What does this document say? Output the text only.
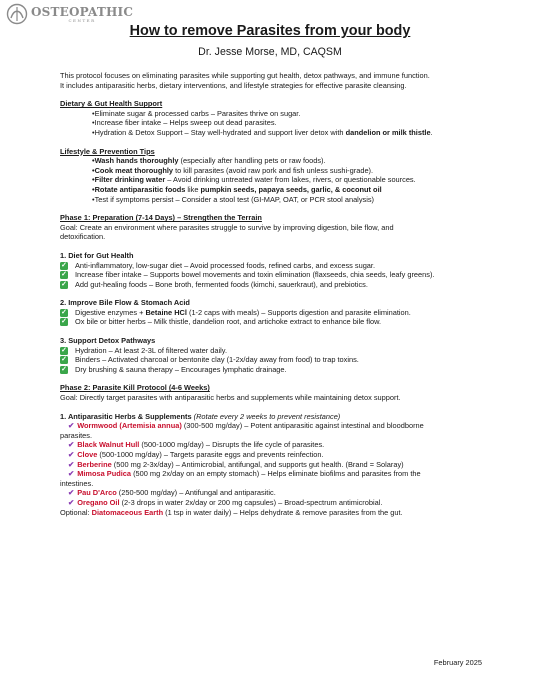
OSTEOPATHIC
CENTER
How to remove Parasites from your body
Dr. Jesse Morse, MD, CAQSM

This protocol focuses on eliminating parasites while supporting gut health, detox pathways, and immune function.

It includes antiparasitic herbs, dietary interventions, and lifestyle strategies for effective parasite cleansing.

Dietary & Gut Health Support

•Eliminate sugar & processed carbs – Parasites thrive on sugar.

•Increase fiber intake – Helps sweep out dead parasites.

•Hydration & Detox Support – Stay well-hydrated and support liver detox with dandelion or milk thistle.

Lifestyle & Prevention Tips

•Wash hands thoroughly (especially after handling pets or raw foods).

•Cook meat thoroughly to kill parasites (avoid raw pork and fish unless sushi-grade).

•Filter drinking water – Avoid drinking untreated water from lakes, rivers, or questionable sources.

•Rotate antiparasitic foods like pumpkin seeds, papaya seeds, garlic, & coconut oil

•Test if symptoms persist – Consider a stool test (GI-MAP, OAT, or PCR stool analysis)

Phase 1: Preparation (7-14 Days) – Strengthen the Terrain

Goal: Create an environment where parasites struggle to survive by improving digestion, bile flow, and

detoxification.

1. Diet for Gut Health

✓ Anti-inflammatory, low-sugar diet – Avoid processed foods, refined carbs, and excess sugar.

✓ Increase fiber intake – Supports bowel movements and toxin elimination (flaxseeds, chia seeds, leafy greens).

✓ Add gut-healing foods – Bone broth, fermented foods (kimchi, sauerkraut), and prebiotics.

2. Improve Bile Flow & Stomach Acid

✓ Digestive enzymes + Betaine HCl (1-2 caps with meals) – Supports digestion and parasite elimination.

✓ Ox bile or bitter herbs – Milk thistle, dandelion root, and artichoke extract to enhance bile flow.

3. Support Detox Pathways

✓ Hydration – At least 2-3L of filtered water daily.

✓ Binders – Activated charcoal or bentonite clay (1-2x/day away from food) to trap toxins.

✓ Dry brushing & sauna therapy – Encourages lymphatic drainage.

Phase 2: Parasite Kill Protocol (4-6 Weeks)

Goal: Directly target parasites with antiparasitic herbs and supplements while maintaining detox support.

1. Antiparasitic Herbs & Supplements (Rotate every 2 weeks to prevent resistance)

✔ Wormwood (Artemisia annua) (300-500 mg/day) – Potent antiparasitic against intestinal and bloodborne

parasites.

✔ Black Walnut Hull (500-1000 mg/day) – Disrupts the life cycle of parasites.

✔ Clove (500-1000 mg/day) – Targets parasite eggs and prevents reinfection.

✔ Berberine (500 mg 2-3x/day) – Antimicrobial, antifungal, and supports gut health. (Brand = Solaray)

✔ Mimosa Pudica (500 mg 2x/day on an empty stomach) – Helps eliminate biofilms and parasites from the

intestines.

✔ Pau D'Arco (250-500 mg/day) – Antifungal and antiparasitic.

✔ Oregano Oil (2-3 drops in water 2x/day or 200 mg capsules) – Broad-spectrum antimicrobial.

Optional: Diatomaceous Earth (1 tsp in water daily) – Helps dehydrate & remove parasites from the gut.

February 2025
